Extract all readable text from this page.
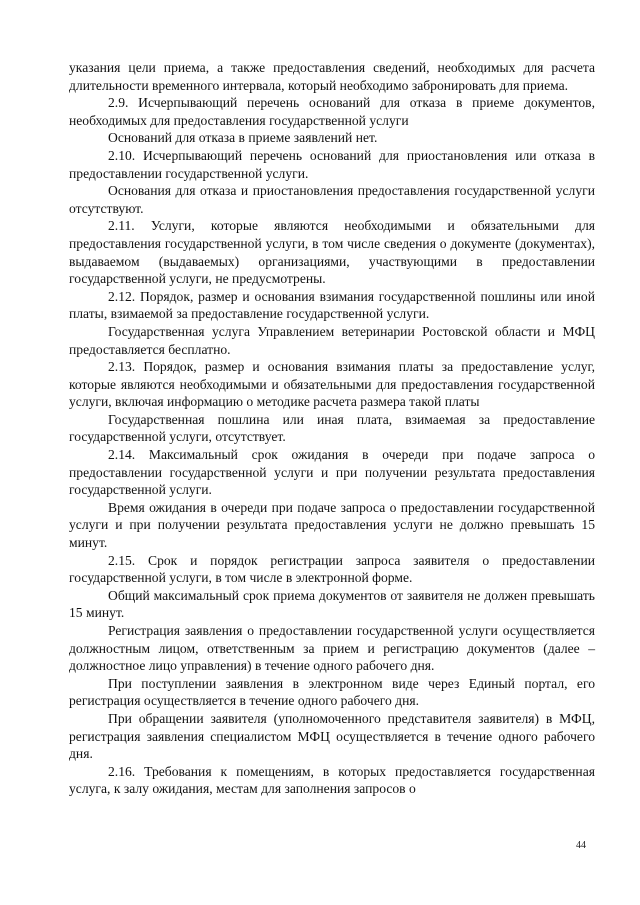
указания цели приема, а также предоставления сведений, необходимых для расчета длительности временного интервала, который необходимо забронировать для приема.

2.9. Исчерпывающий перечень оснований для отказа в приеме документов, необходимых для предоставления государственной услуги

Оснований для отказа в приеме заявлений нет.

2.10. Исчерпывающий перечень оснований для приостановления или отказа в предоставлении государственной услуги.

Основания для отказа и приостановления предоставления государственной услуги отсутствуют.

2.11. Услуги, которые являются необходимыми и обязательными для предоставления государственной услуги, в том числе сведения о документе (документах), выдаваемом (выдаваемых) организациями, участвующими в предоставлении государственной услуги, не предусмотрены.

2.12. Порядок, размер и основания взимания государственной пошлины или иной платы, взимаемой за предоставление государственной услуги.

Государственная услуга Управлением ветеринарии Ростовской области и МФЦ предоставляется бесплатно.

2.13. Порядок, размер и основания взимания платы за предоставление услуг, которые являются необходимыми и обязательными для предоставления государственной услуги, включая информацию о методике расчета размера такой платы

Государственная пошлина или иная плата, взимаемая за предоставление государственной услуги, отсутствует.

2.14. Максимальный срок ожидания в очереди при подаче запроса о предоставлении государственной услуги и при получении результата предоставления государственной услуги.

Время ожидания в очереди при подаче запроса о предоставлении государственной услуги и при получении результата предоставления услуги не должно превышать 15 минут.

2.15. Срок и порядок регистрации запроса заявителя о предоставлении государственной услуги, в том числе в электронной форме.

Общий максимальный срок приема документов от заявителя не должен превышать 15 минут.

Регистрация заявления о предоставлении государственной услуги осуществляется должностным лицом, ответственным за прием и регистрацию документов (далее – должностное лицо управления) в течение одного рабочего дня.

При поступлении заявления в электронном виде через Единый портал, его регистрация осуществляется в течение одного рабочего дня.

При обращении заявителя (уполномоченного представителя заявителя) в МФЦ, регистрация заявления специалистом МФЦ осуществляется в течение одного рабочего дня.

2.16. Требования к помещениям, в которых предоставляется государственная услуга, к залу ожидания, местам для заполнения запросов о

44
